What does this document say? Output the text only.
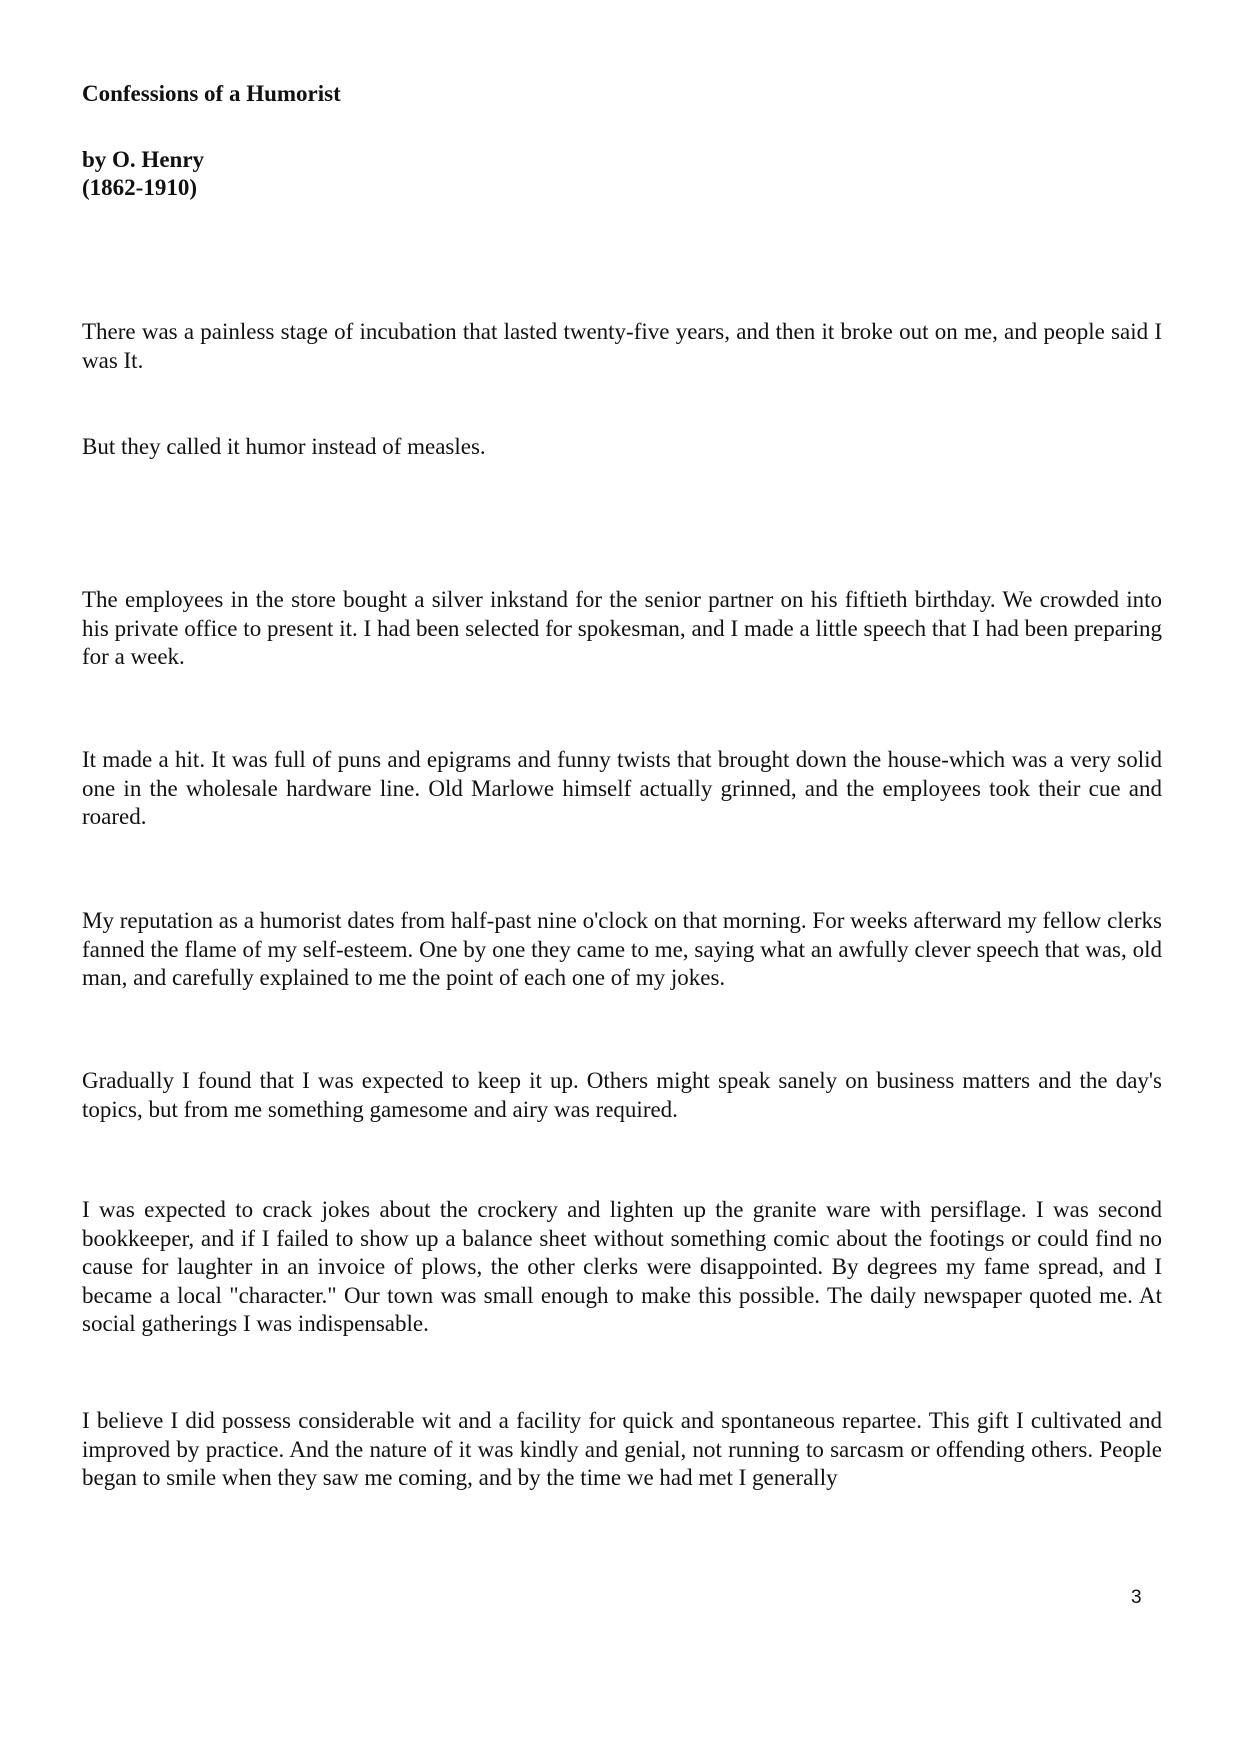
Confessions of a Humorist
by O. Henry
(1862-1910)

There was a painless stage of incubation that lasted twenty-five years, and then it broke out on me, and people said I was It.

But they called it humor instead of measles.

The employees in the store bought a silver inkstand for the senior partner on his fiftieth birthday. We crowded into his private office to present it. I had been selected for spokesman, and I made a little speech that I had been preparing for a week.

It made a hit. It was full of puns and epigrams and funny twists that brought down the house-which was a very solid one in the wholesale hardware line. Old Marlowe himself actually grinned, and the employees took their cue and roared.

My reputation as a humorist dates from half-past nine o'clock on that morning. For weeks afterward my fellow clerks fanned the flame of my self-esteem. One by one they came to me, saying what an awfully clever speech that was, old man, and carefully explained to me the point of each one of my jokes.

Gradually I found that I was expected to keep it up. Others might speak sanely on business matters and the day's topics, but from me something gamesome and airy was required.

I was expected to crack jokes about the crockery and lighten up the granite ware with persiflage. I was second bookkeeper, and if I failed to show up a balance sheet without something comic about the footings or could find no cause for laughter in an invoice of plows, the other clerks were disappointed. By degrees my fame spread, and I became a local "character." Our town was small enough to make this possible. The daily newspaper quoted me. At social gatherings I was indispensable.

I believe I did possess considerable wit and a facility for quick and spontaneous repartee. This gift I cultivated and improved by practice. And the nature of it was kindly and genial, not running to sarcasm or offending others. People began to smile when they saw me coming, and by the time we had met I generally

3
